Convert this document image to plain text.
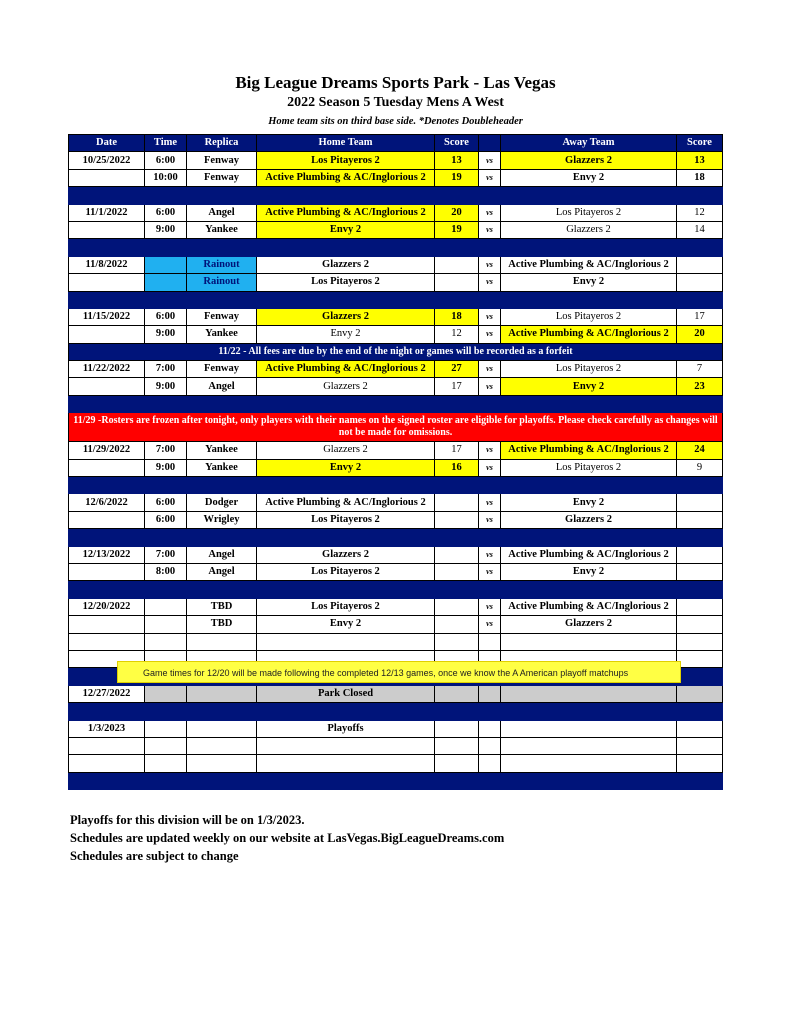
Big League Dreams Sports Park - Las Vegas
2022 Season 5 Tuesday Mens A West
Home team sits on third base side. *Denotes Doubleheader
Date	Time	Replica	Home Team	Score		Away Team	Score
10/25/2022	6:00	Fenway	Los Pitayeros 2	13	vs	Glazzers 2	13
	10:00	Fenway	Active Plumbing & AC/Inglorious 2	19	vs	Envy 2	18

11/1/2022	6:00	Angel	Active Plumbing & AC/Inglorious 2	20	vs	Los Pitayeros 2	12
	9:00	Yankee	Envy 2	19	vs	Glazzers 2	14

11/8/2022		Rainout	Glazzers 2		vs	Active Plumbing & AC/Inglorious 2	
		Rainout	Los Pitayeros 2		vs	Envy 2	

11/15/2022	6:00	Fenway	Glazzers 2	18	vs	Los Pitayeros 2	17
	9:00	Yankee	Envy 2	12	vs	Active Plumbing & AC/Inglorious 2	20
11/22 - All fees are due by the end of the night or games will be recorded as a forfeit							
11/22/2022	7:00	Fenway	Active Plumbing & AC/Inglorious 2	27	vs	Los Pitayeros 2	7
	9:00	Angel	Glazzers 2	17	vs	Envy 2	23

11/29 -Rosters are frozen after tonight, only players with their names on the signed roster are eligible for playoffs. Please check carefully as changes will not be made for omissions.							
11/29/2022	7:00	Yankee	Glazzers 2	17	vs	Active Plumbing & AC/Inglorious 2	24
	9:00	Yankee	Envy 2	16	vs	Los Pitayeros 2	9

12/6/2022	6:00	Dodger	Active Plumbing & AC/Inglorious 2		vs	Envy 2	
	6:00	Wrigley	Los Pitayeros 2		vs	Glazzers 2	

12/13/2022	7:00	Angel	Glazzers 2		vs	Active Plumbing & AC/Inglorious 2	
	8:00	Angel	Los Pitayeros 2		vs	Envy 2	

12/20/2022		TBD	Los Pitayeros 2		vs	Active Plumbing & AC/Inglorious 2	
		TBD	Envy 2		vs	Glazzers 2	

12/27/2022			Park Closed				

1/3/2023			Playoffs				

Game times for 12/20 will be made following the completed 12/13 games, once we know the A American playoff matchups
Playoffs for this division will be on 1/3/2023.
Schedules are updated weekly on our website at LasVegas.BigLeagueDreams.com
Schedules are subject to change
